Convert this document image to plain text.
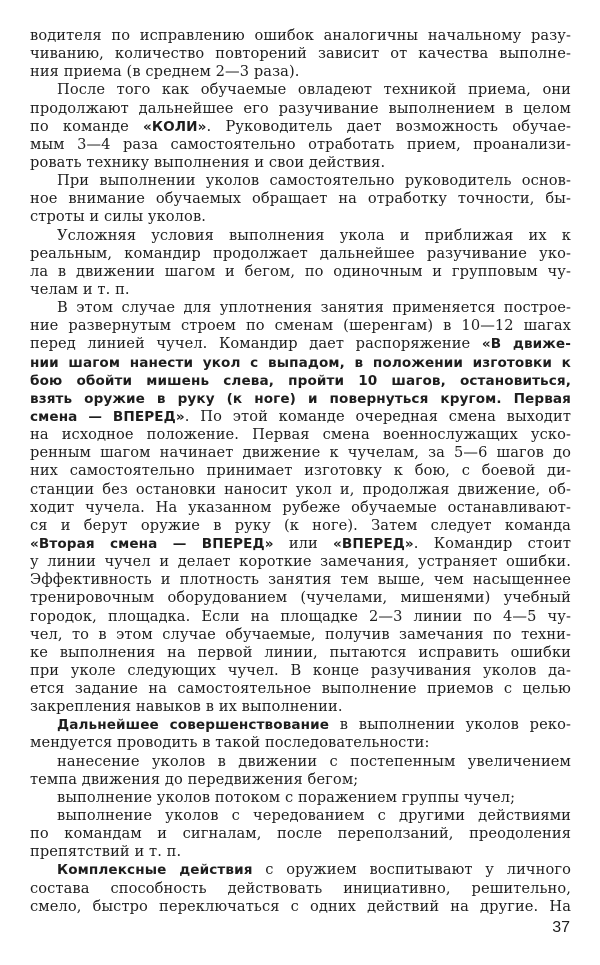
водителя по исправлению ошибок аналогичны начальному разу-
чиванию, количество повторений зависит от качества выполне-
ния приема (в среднем 2—3 раза).
После того как обучаемые овладеют техникой приема, они
продолжают дальнейшее его разучивание выполнением в целом
по команде «КОЛИ». Руководитель дает возможность обучае-
мым 3—4 раза самостоятельно отработать прием, проанализи-
ровать технику выполнения и свои действия.
При выполнении уколов самостоятельно руководитель основ-
ное внимание обучаемых обращает на отработку точности, бы-
строты и силы уколов.
Усложняя условия выполнения укола и приближая их к
реальным, командир продолжает дальнейшее разучивание уко-
ла в движении шагом и бегом, по одиночным и групповым чу-
челам и т. п.
В этом случае для уплотнения занятия применяется построе-
ние развернутым строем по сменам (шеренгам) в 10—12 шагах
перед линией чучел. Командир дает распоряжение «В движе-
нии шагом нанести укол с выпадом, в положении изготовки к
бою обойти мишень слева, пройти 10 шагов, остановиться,
взять оружие в руку (к ноге) и повернуться кругом. Первая
смена — ВПЕРЕД». По этой команде очередная смена выходит
на исходное положение. Первая смена военнослужащих уско-
ренным шагом начинает движение к чучелам, за 5—6 шагов до
них самостоятельно принимает изготовку к бою, с боевой ди-
станции без остановки наносит укол и, продолжая движение, об-
ходит чучела. На указанном рубеже обучаемые останавливают-
ся и берут оружие в руку (к ноге). Затем следует команда
«Вторая смена — ВПЕРЕД» или «ВПЕРЕД». Командир стоит
у линии чучел и делает короткие замечания, устраняет ошибки.
Эффективность и плотность занятия тем выше, чем насыщеннее
тренировочным оборудованием (чучелами, мишенями) учебный
городок, площадка. Если на площадке 2—3 линии по 4—5 чу-
чел, то в этом случае обучаемые, получив замечания по техни-
ке выполнения на первой линии, пытаются исправить ошибки
при уколе следующих чучел. В конце разучивания уколов да-
ется задание на самостоятельное выполнение приемов с целью
закрепления навыков в их выполнении.
Дальнейшее совершенствование в выполнении уколов реко-
мендуется проводить в такой последовательности:
нанесение уколов в движении с постепенным увеличением
темпа движения до передвижения бегом;
выполнение уколов потоком с поражением группы чучел;
выполнение уколов с чередованием с другими действиями
по командам и сигналам, после переползаний, преодоления
препятствий и т. п.
Комплексные действия с оружием воспитывают у личного
состава способность действовать инициативно, решительно,
смело, быстро переключаться с одних действий на другие. На
37
